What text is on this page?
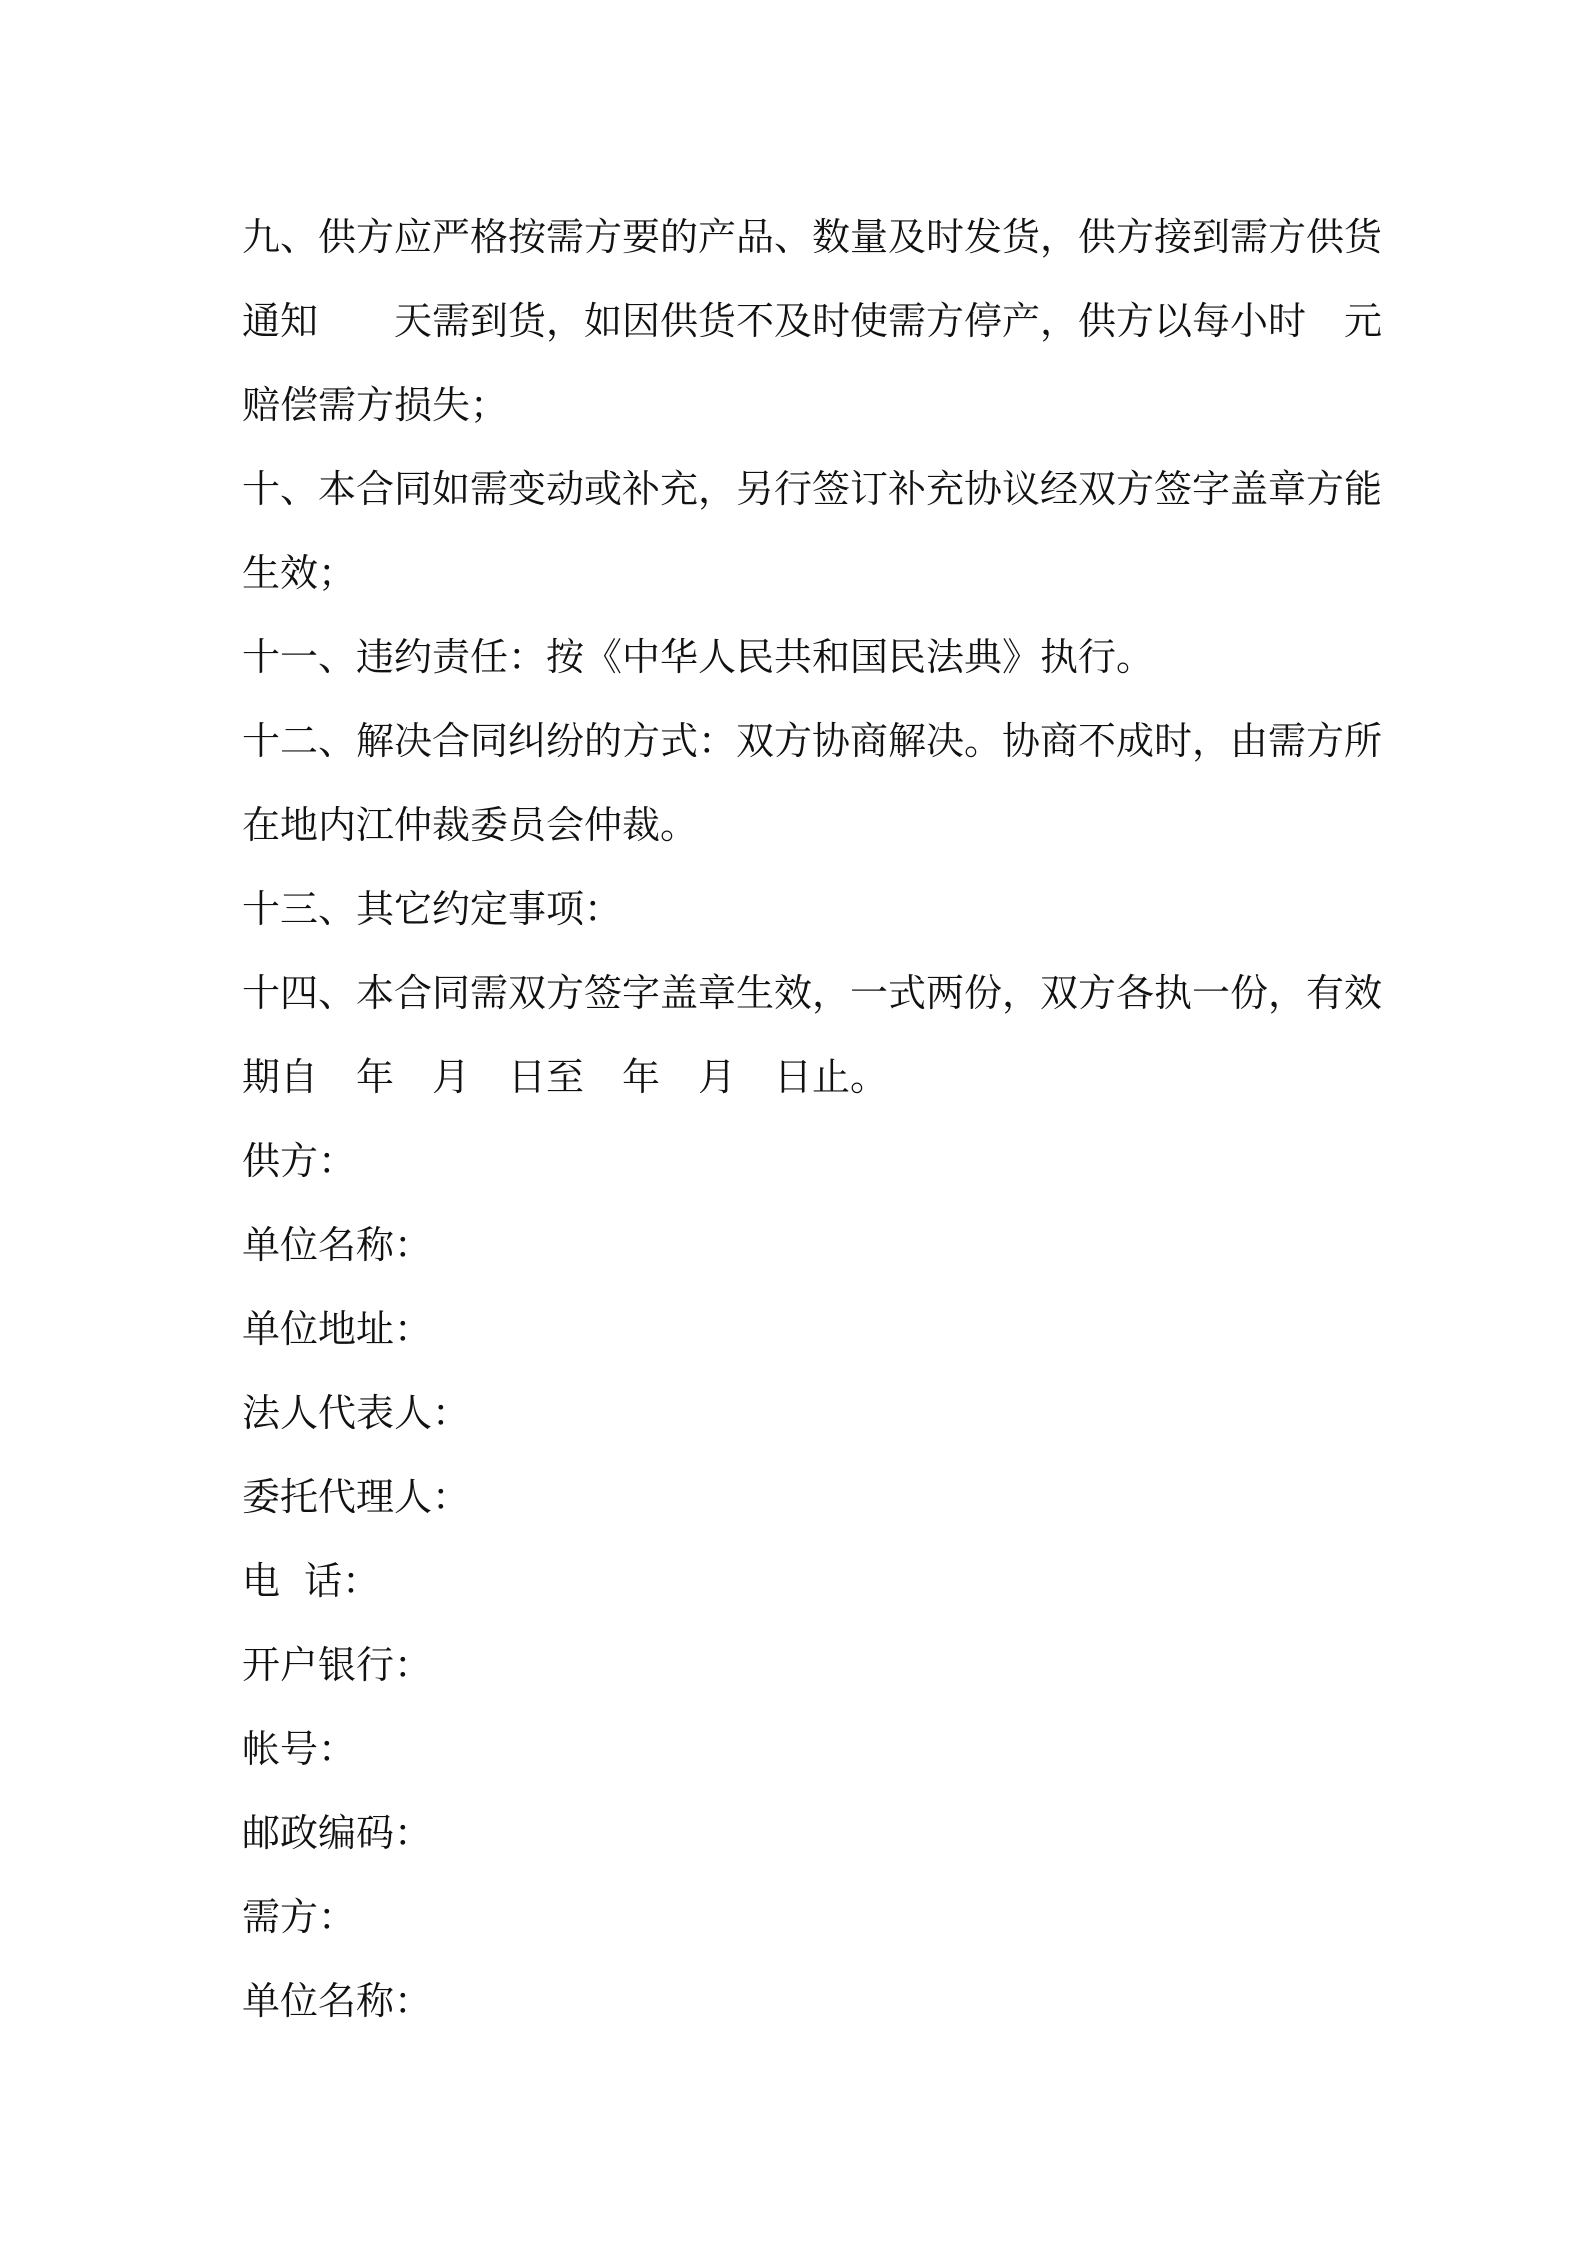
九、供方应严格按需方要的产品、数量及时发货，供方接到需方供货
通知　　天需到货，如因供货不及时使需方停产，供方以每小时　元
赔偿需方损失；
十、本合同如需变动或补充，另行签订补充协议经双方签字盖章方能
生效；
十一、违约责任：按《中华人民共和国民法典》执行。
十二、解决合同纠纷的方式：双方协商解决。协商不成时，由需方所
在地内江仲裁委员会仲裁。
十三、其它约定事项：
十四、本合同需双方签字盖章生效，一式两份，双方各执一份，有效
期自　年　月　日至　年　月　日止。
供方：
单位名称：
单位地址：
法人代表人：
委托代理人：
电  话：
开户银行：
帐号：
邮政编码：
需方：
单位名称：
